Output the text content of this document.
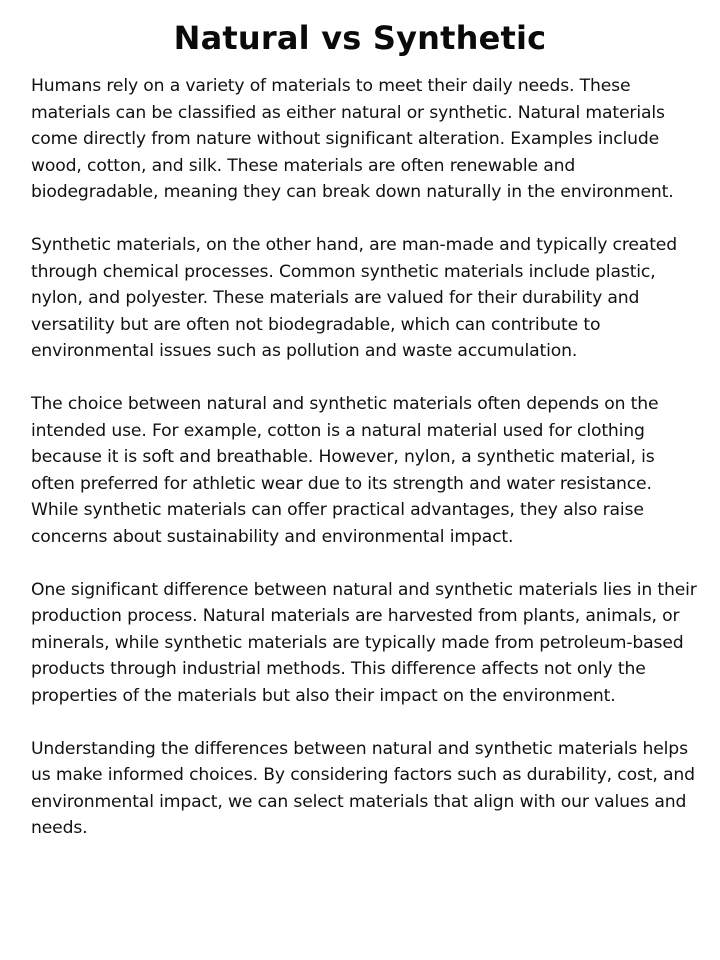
Natural vs Synthetic

Humans rely on a variety of materials to meet their daily needs. These materials can be classified as either natural or synthetic. Natural materials come directly from nature without significant alteration. Examples include wood, cotton, and silk. These materials are often renewable and biodegradable, meaning they can break down naturally in the environment.

Synthetic materials, on the other hand, are man-made and typically created through chemical processes. Common synthetic materials include plastic, nylon, and polyester. These materials are valued for their durability and versatility but are often not biodegradable, which can contribute to environmental issues such as pollution and waste accumulation.

The choice between natural and synthetic materials often depends on the intended use. For example, cotton is a natural material used for clothing because it is soft and breathable. However, nylon, a synthetic material, is often preferred for athletic wear due to its strength and water resistance. While synthetic materials can offer practical advantages, they also raise concerns about sustainability and environmental impact.

One significant difference between natural and synthetic materials lies in their production process. Natural materials are harvested from plants, animals, or minerals, while synthetic materials are typically made from petroleum-based products through industrial methods. This difference affects not only the properties of the materials but also their impact on the environment.

Understanding the differences between natural and synthetic materials helps us make informed choices. By considering factors such as durability, cost, and environmental impact, we can select materials that align with our values and needs.
